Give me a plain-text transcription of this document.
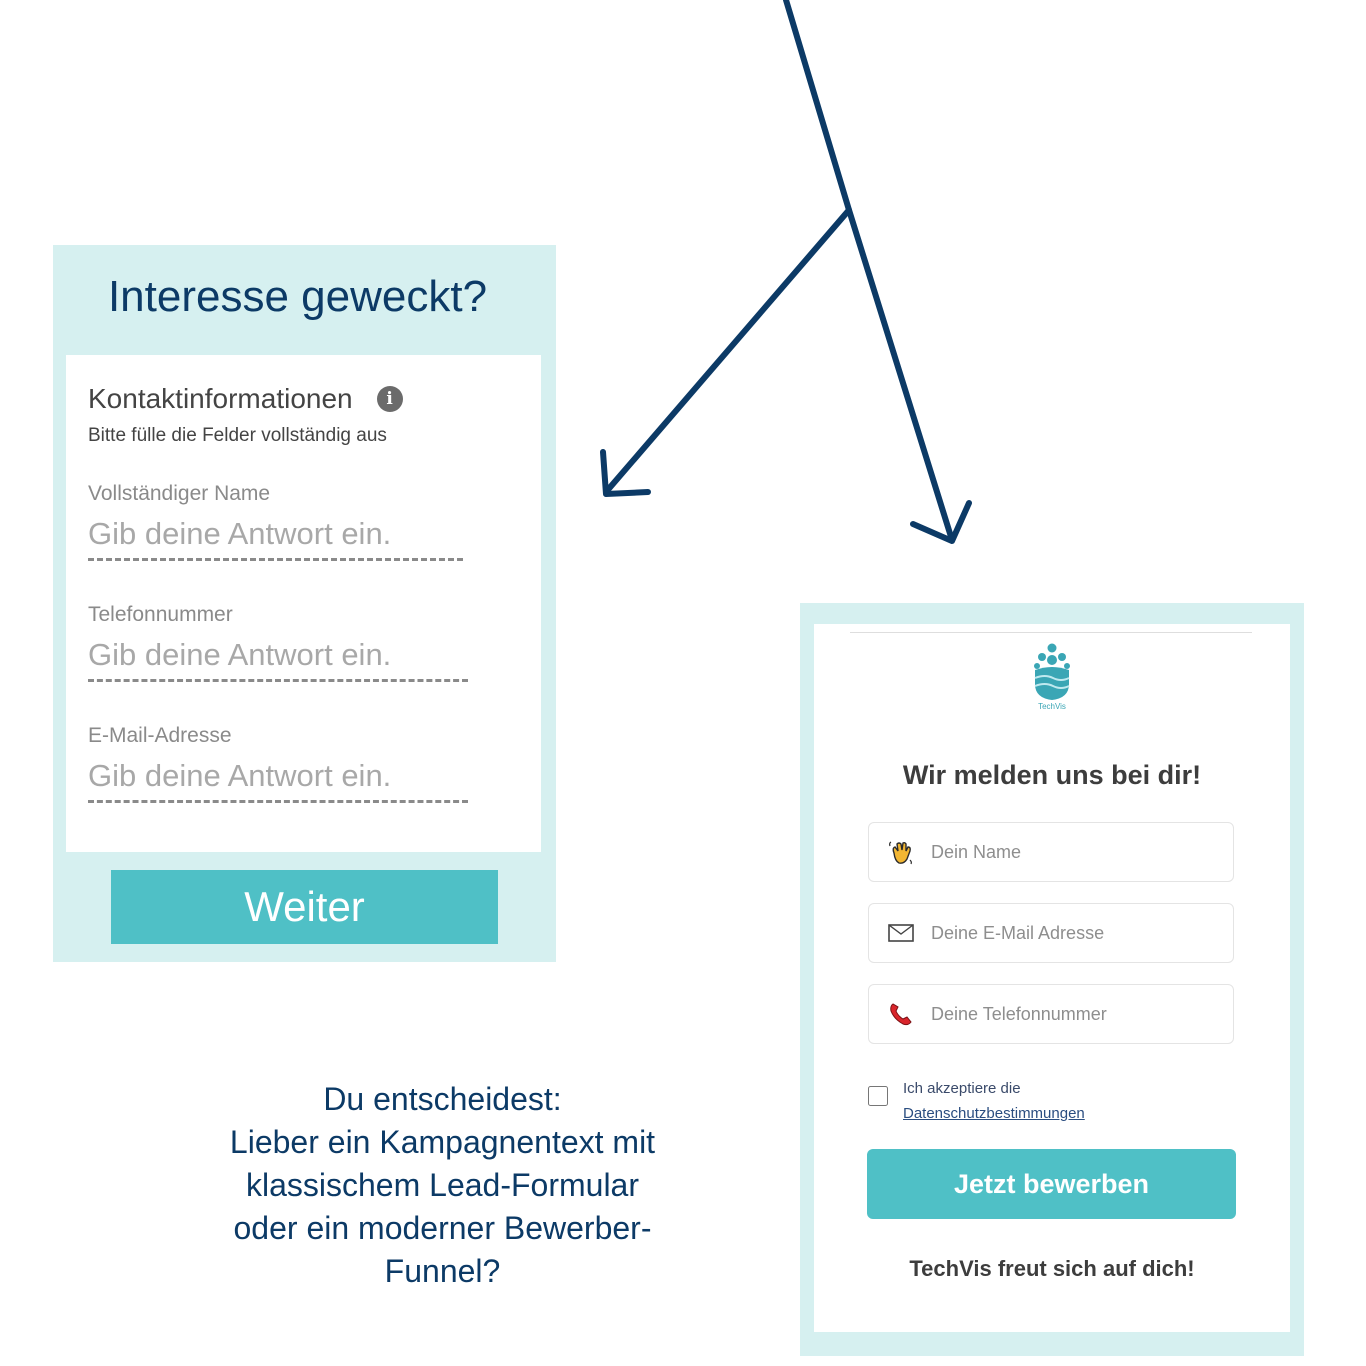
Interesse geweckt?
Kontaktinformationen	i
Bitte fülle die Felder vollständig aus
Vollständiger Name
Gib deine Antwort ein.
Telefonnummer
Gib deine Antwort ein.
E-Mail-Adresse
Gib deine Antwort ein.
Weiter
Du entscheidest:
Lieber ein Kampagnentext mit
klassischem Lead-Formular
oder ein moderner Bewerber-
Funnel?
TechVis
Wir melden uns bei dir!
Dein Name
Deine E-Mail Adresse
Deine Telefonnummer
Ich akzeptiere die
Datenschutzbestimmungen
Jetzt bewerben
TechVis freut sich auf dich!
